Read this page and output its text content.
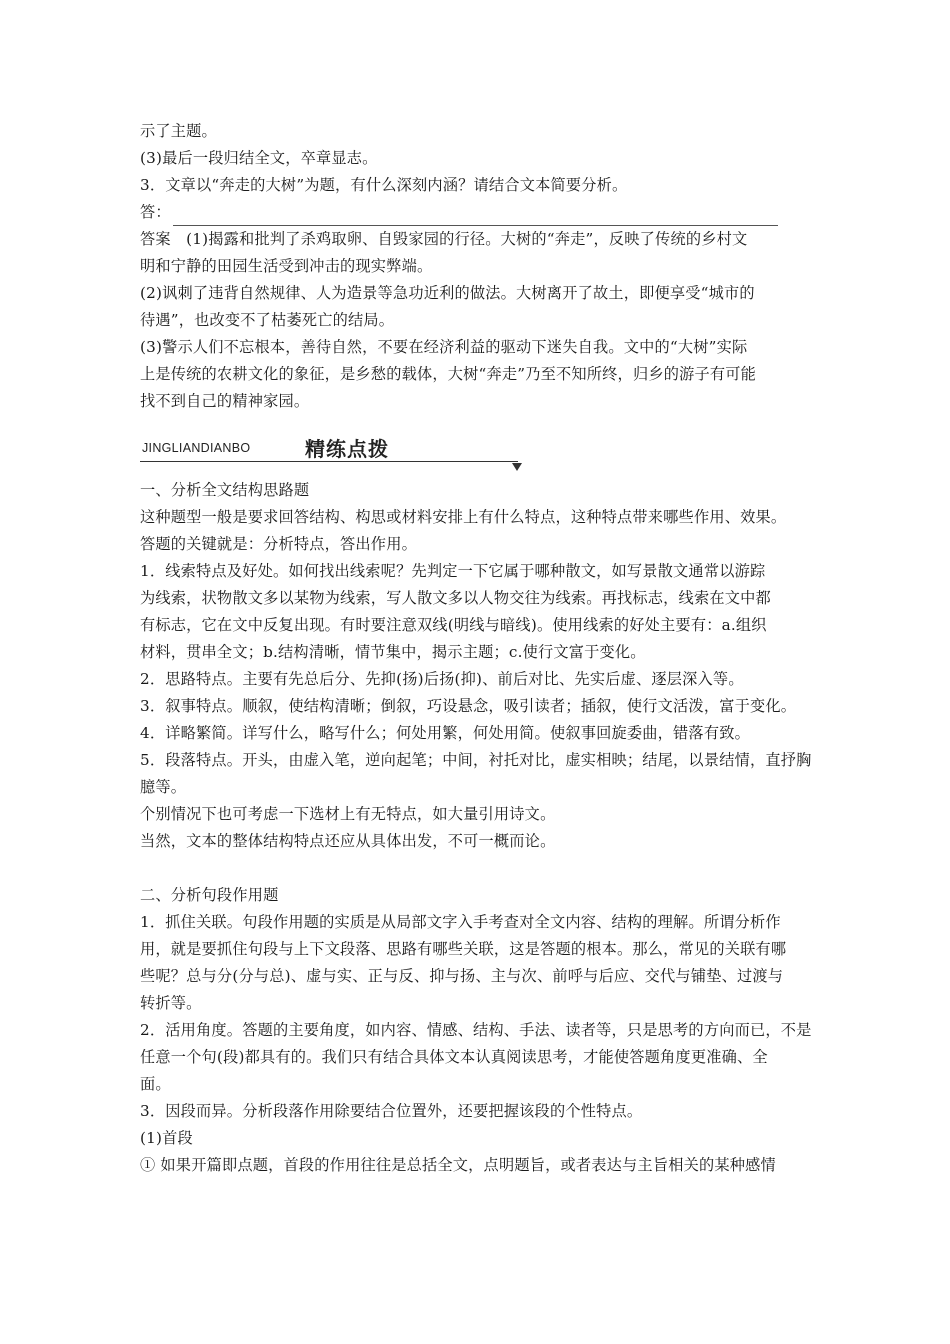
示了主题。
(3)最后一段归结全文，卒章显志。
3．文章以“奔走的大树”为题，有什么深刻内涵？请结合文本简要分析。
答：
答案　(1)揭露和批判了杀鸡取卵、自毁家园的行径。大树的“奔走”，反映了传统的乡村文
明和宁静的田园生活受到冲击的现实弊端。
(2)讽刺了违背自然规律、人为造景等急功近利的做法。大树离开了故土，即便享受“城市的
待遇”，也改变不了枯萎死亡的结局。
(3)警示人们不忘根本，善待自然，不要在经济利益的驱动下迷失自我。文中的“大树”实际
上是传统的农耕文化的象征，是乡愁的载体，大树“奔走”乃至不知所终，归乡的游子有可能
找不到自己的精神家园。
JINGLIANDIANBO	精练点拨
一、分析全文结构思路题
这种题型一般是要求回答结构、构思或材料安排上有什么特点，这种特点带来哪些作用、效果。
答题的关键就是：分析特点，答出作用。
1．线索特点及好处。如何找出线索呢？先判定一下它属于哪种散文，如写景散文通常以游踪
为线索，状物散文多以某物为线索，写人散文多以人物交往为线索。再找标志，线索在文中都
有标志，它在文中反复出现。有时要注意双线(明线与暗线)。使用线索的好处主要有：a.组织
材料，贯串全文；b.结构清晰，情节集中，揭示主题；c.使行文富于变化。
2．思路特点。主要有先总后分、先抑(扬)后扬(抑)、前后对比、先实后虚、逐层深入等。
3．叙事特点。顺叙，使结构清晰；倒叙，巧设悬念，吸引读者；插叙，使行文活泼，富于变化。
4．详略繁简。详写什么，略写什么；何处用繁，何处用简。使叙事回旋委曲，错落有致。
5．段落特点。开头，由虚入笔，逆向起笔；中间，衬托对比，虚实相映；结尾，以景结情，直抒胸
臆等。
个别情况下也可考虑一下选材上有无特点，如大量引用诗文。
当然，文本的整体结构特点还应从具体出发，不可一概而论。
二、分析句段作用题
1．抓住关联。句段作用题的实质是从局部文字入手考查对全文内容、结构的理解。所谓分析作
用，就是要抓住句段与上下文段落、思路有哪些关联，这是答题的根本。那么，常见的关联有哪
些呢？总与分(分与总)、虚与实、正与反、抑与扬、主与次、前呼与后应、交代与铺垫、过渡与
转折等。
2．活用角度。答题的主要角度，如内容、情感、结构、手法、读者等，只是思考的方向而已，不是
任意一个句(段)都具有的。我们只有结合具体文本认真阅读思考，才能使答题角度更准确、全
面。
3．因段而异。分析段落作用除要结合位置外，还要把握该段的个性特点。
(1)首段
① 如果开篇即点题，首段的作用往往是总括全文，点明题旨，或者表达与主旨相关的某种感情
